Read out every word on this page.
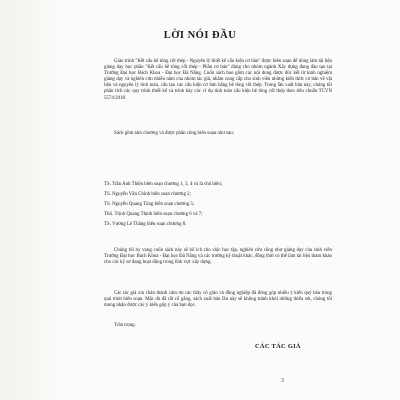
LỜI NÓI ĐẦU
Giáo trình "Kết cấu bê tông cốt thép - Nguyên lý thiết kế cấu kiện cơ bản" được biên soạn để dùng làm tài liệu giảng dạy học phần "Kết cấu bê tông cốt thép - Phần cơ bản" dùng cho nhóm ngành Xây dựng đang đào tạo tại Trường Đại học Bách Khoa - Đại học Đà Nẵng. Cuốn sách bao gồm các nội dung được đúc kết từ kinh nghiệm giảng dạy và nghiên cứu nhiều năm của nhóm tác giả, nhằm cung cấp cho sinh viên những kiến thức cơ bản về vật liệu và nguyên lý tính toán, cấu tạo các cấu kiện cơ bản bằng bê tông cốt thép. Trong lần xuất bản này, chúng tôi phân tích các quy trình thiết kế và trình bày các ví dụ tính toán cấu kiện bê tông cốt thép theo tiêu chuẩn TCVN 5574:2018.
Sách gồm tám chương và được phân công biên soạn như sau:
TS. Trần Anh Thiện biên soạn chương 1, 3, 4 và là chủ biên;
TS. Nguyễn Văn Chính biên soạn chương 2;
TS. Nguyễn Quang Tùng biên soạn chương 5;
ThS. Trịnh Quang Thịnh biên soạn chương 6 và 7;
TS. Vương Lê Thắng biên soạn chương 8.
Chúng tôi hy vọng cuốn sách này sẽ bổ ích cho việc học tập, nghiên cứu cũng như giảng dạy của sinh viên Trường Đại học Bách Khoa - Đại học Đà Nẵng và các trường kỹ thuật khác, đồng thời có thể làm tài liệu tham khảo cho các kỹ sư đang hoạt động trong lĩnh vực xây dựng.
Các tác giả xin chân thành cảm ơn các thầy cô giáo và đồng nghiệp đã đóng góp nhiều ý kiến quý báu trong quá trình biên soạn. Mặc dù đã rất cố gắng, sách xuất bản lần này sẽ không tránh khỏi những thiếu sót, chúng tôi mong nhận được các ý kiến góp ý của bạn đọc.
Trân trọng.
CÁC TÁC GIẢ
3
